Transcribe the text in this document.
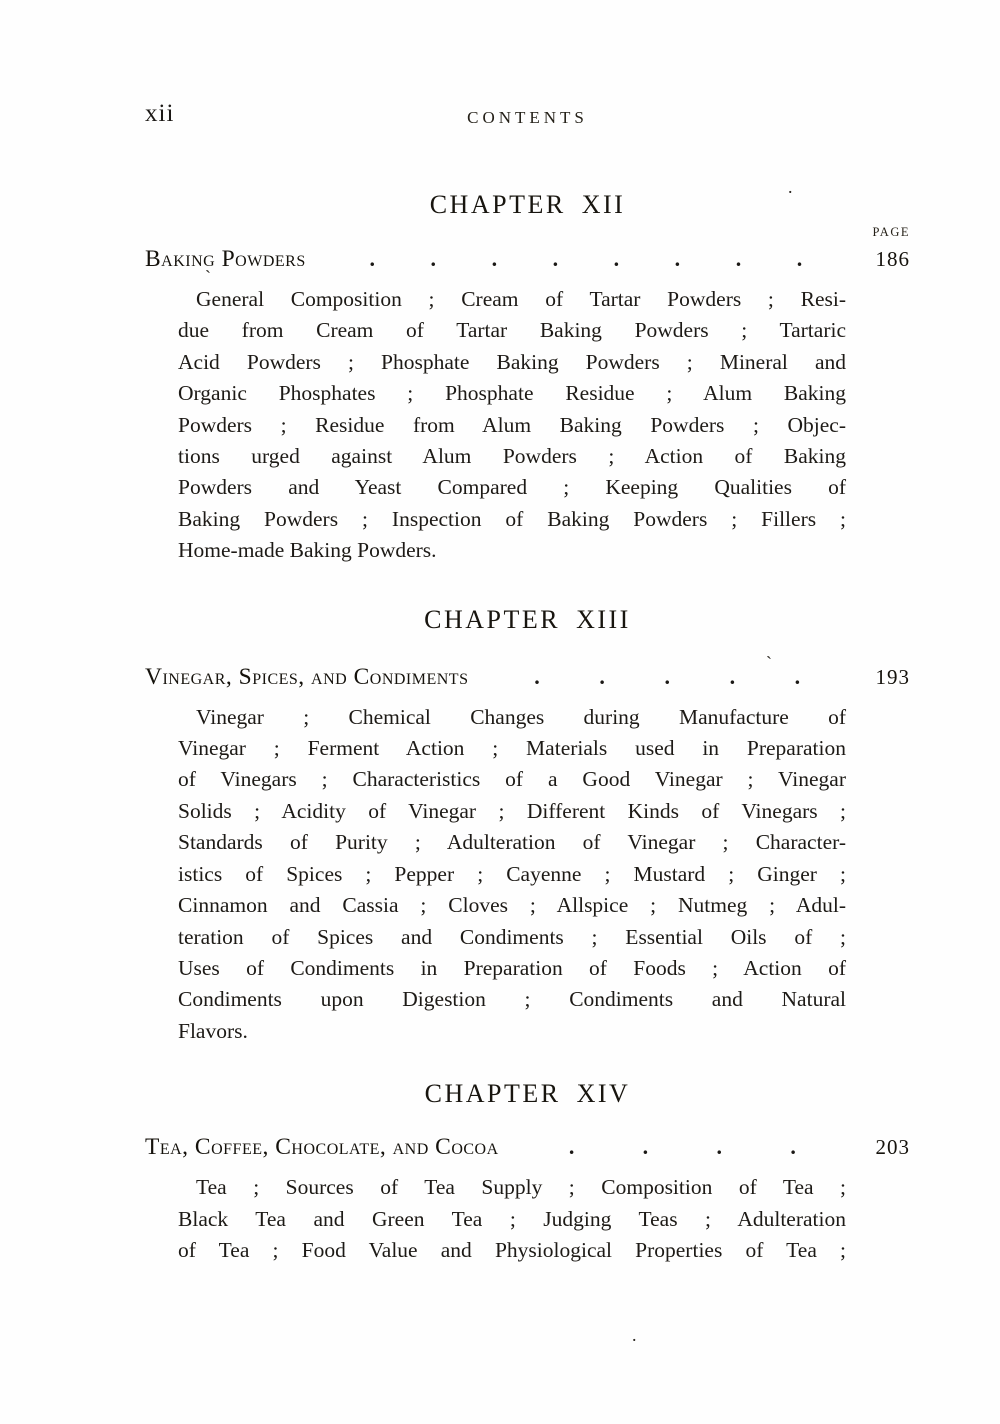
xii	CONTENTS
CHAPTER XII
PAGE
Baking Powders	.	.	.	.	.	.	.	.	186
General Composition ; Cream of Tartar Powders ; Resi-
due from Cream of Tartar Baking Powders ; Tartaric
Acid Powders ; Phosphate Baking Powders ; Mineral and
Organic Phosphates ; Phosphate Residue ; Alum Baking
Powders ; Residue from Alum Baking Powders ; Objec-
tions urged against Alum Powders ; Action of Baking
Powders and Yeast Compared ; Keeping Qualities of
Baking Powders ; Inspection of Baking Powders ; Fillers ;
Home-made Baking Powders.
CHAPTER XIII
Vinegar, Spices, and Condiments	.	.	.	.	.	193
Vinegar ; Chemical Changes during Manufacture of
Vinegar ; Ferment Action ; Materials used in Preparation
of Vinegars ; Characteristics of a Good Vinegar ; Vinegar
Solids ; Acidity of Vinegar ; Different Kinds of Vinegars ;
Standards of Purity ; Adulteration of Vinegar ; Character-
istics of Spices ; Pepper ; Cayenne ; Mustard ; Ginger ;
Cinnamon and Cassia ; Cloves ; Allspice ; Nutmeg ; Adul-
teration of Spices and Condiments ; Essential Oils of ;
Uses of Condiments in Preparation of Foods ; Action of
Condiments upon Digestion ; Condiments and Natural
Flavors.
CHAPTER XIV
Tea, Coffee, Chocolate, and Cocoa	.	.	.	.	203
Tea ; Sources of Tea Supply ; Composition of Tea ;
Black Tea and Green Tea ; Judging Teas ; Adulteration
of Tea ; Food Value and Physiological Properties of Tea ;
.
ˋ
ˋ
.
